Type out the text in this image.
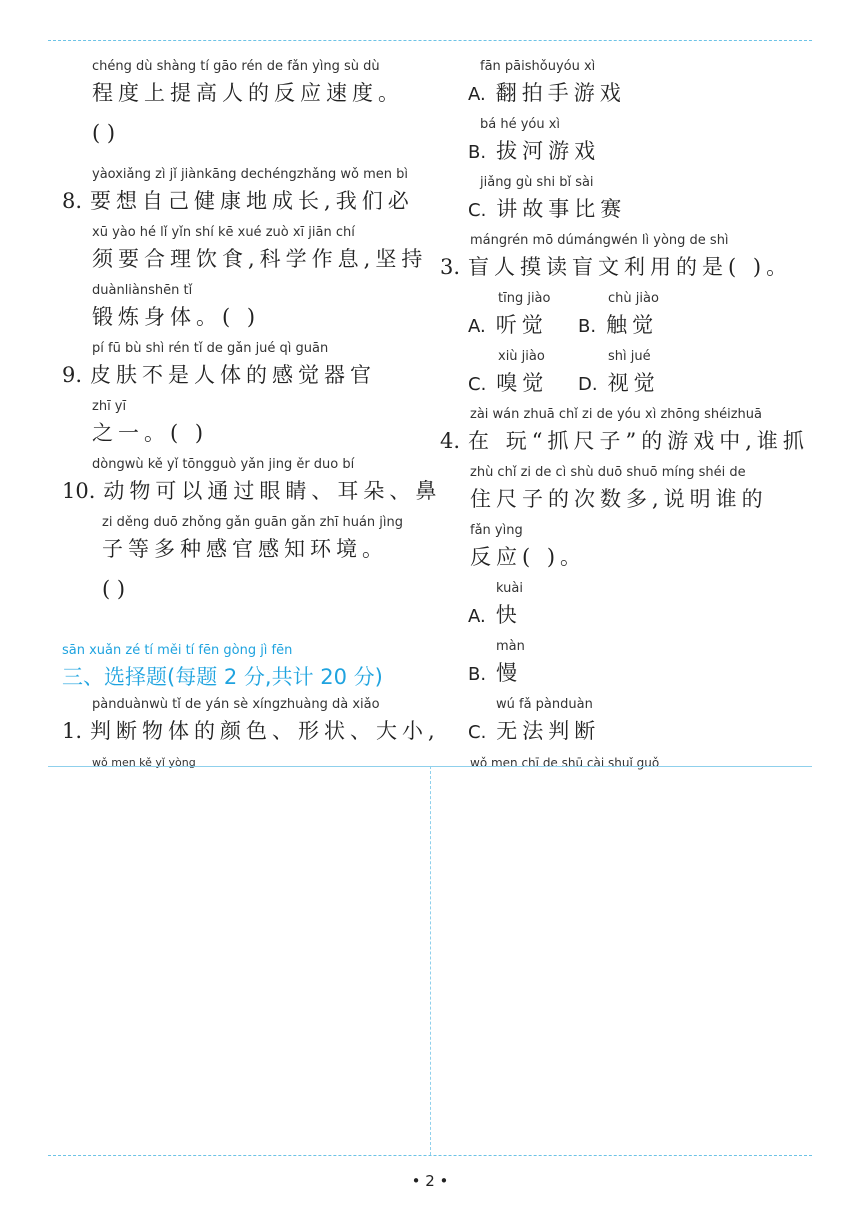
chéng dù shàng tí gāo rén de fǎn yìng sù dù
程度上提高人的反应速度。
( )
yàoxiǎng zì jǐ jiànkāng dechéngzhǎng wǒ men bì
8. 要想自己健康地成长,我们必
xū yào hé lǐ yǐn shí kē xué zuò xī jiān chí
须要合理饮食,科学作息,坚持
duànliànshēn tǐ
锻炼身体。( )
pí fū bù shì rén tǐ de gǎn jué qì guān
9. 皮肤不是人体的感觉器官
zhī yī
之一。( )
dòngwù kě yǐ tōngguò yǎn jing ěr duo bí
10. 动物可以通过眼睛、耳朵、鼻
zi děng duō zhǒng gǎn guān gǎn zhī huán jìng
子等多种感官感知环境。
( )
sān xuǎn zé tí měi tí fēn gòng jì fēn
三、选择题(每题 2 分,共计 20 分)
pànduànwù tǐ de yán sè xíngzhuàng dà xiǎo
1. 判断物体的颜色、形状、大小,
wǒ men kě yǐ yòng
fān pāishǒuyóu xì
A. 翻拍手游戏
bá hé yóu xì
B. 拔河游戏
jiǎng gù shi bǐ sài
C. 讲故事比赛
mángrén mō dúmángwén lì yòng de shì
3. 盲人摸读盲文利用的是( )。
tīng jiào	chù jiào
A. 听觉	B. 触觉
xiù jiào	shì jué
C. 嗅觉	D. 视觉
zài wán zhuā chǐ zi de yóu xì zhōng shéizhuā
4. 在 玩“抓尺子”的游戏中,谁抓
zhù chǐ zi de cì shù duō shuō míng shéi de
住尺子的次数多,说明谁的
fǎn yìng
反应( )。
kuài
A. 快
màn
B. 慢
wú fǎ pànduàn
C. 无法判断
wǒ men chī de shū cài shuǐ guǒ
• 2 •
